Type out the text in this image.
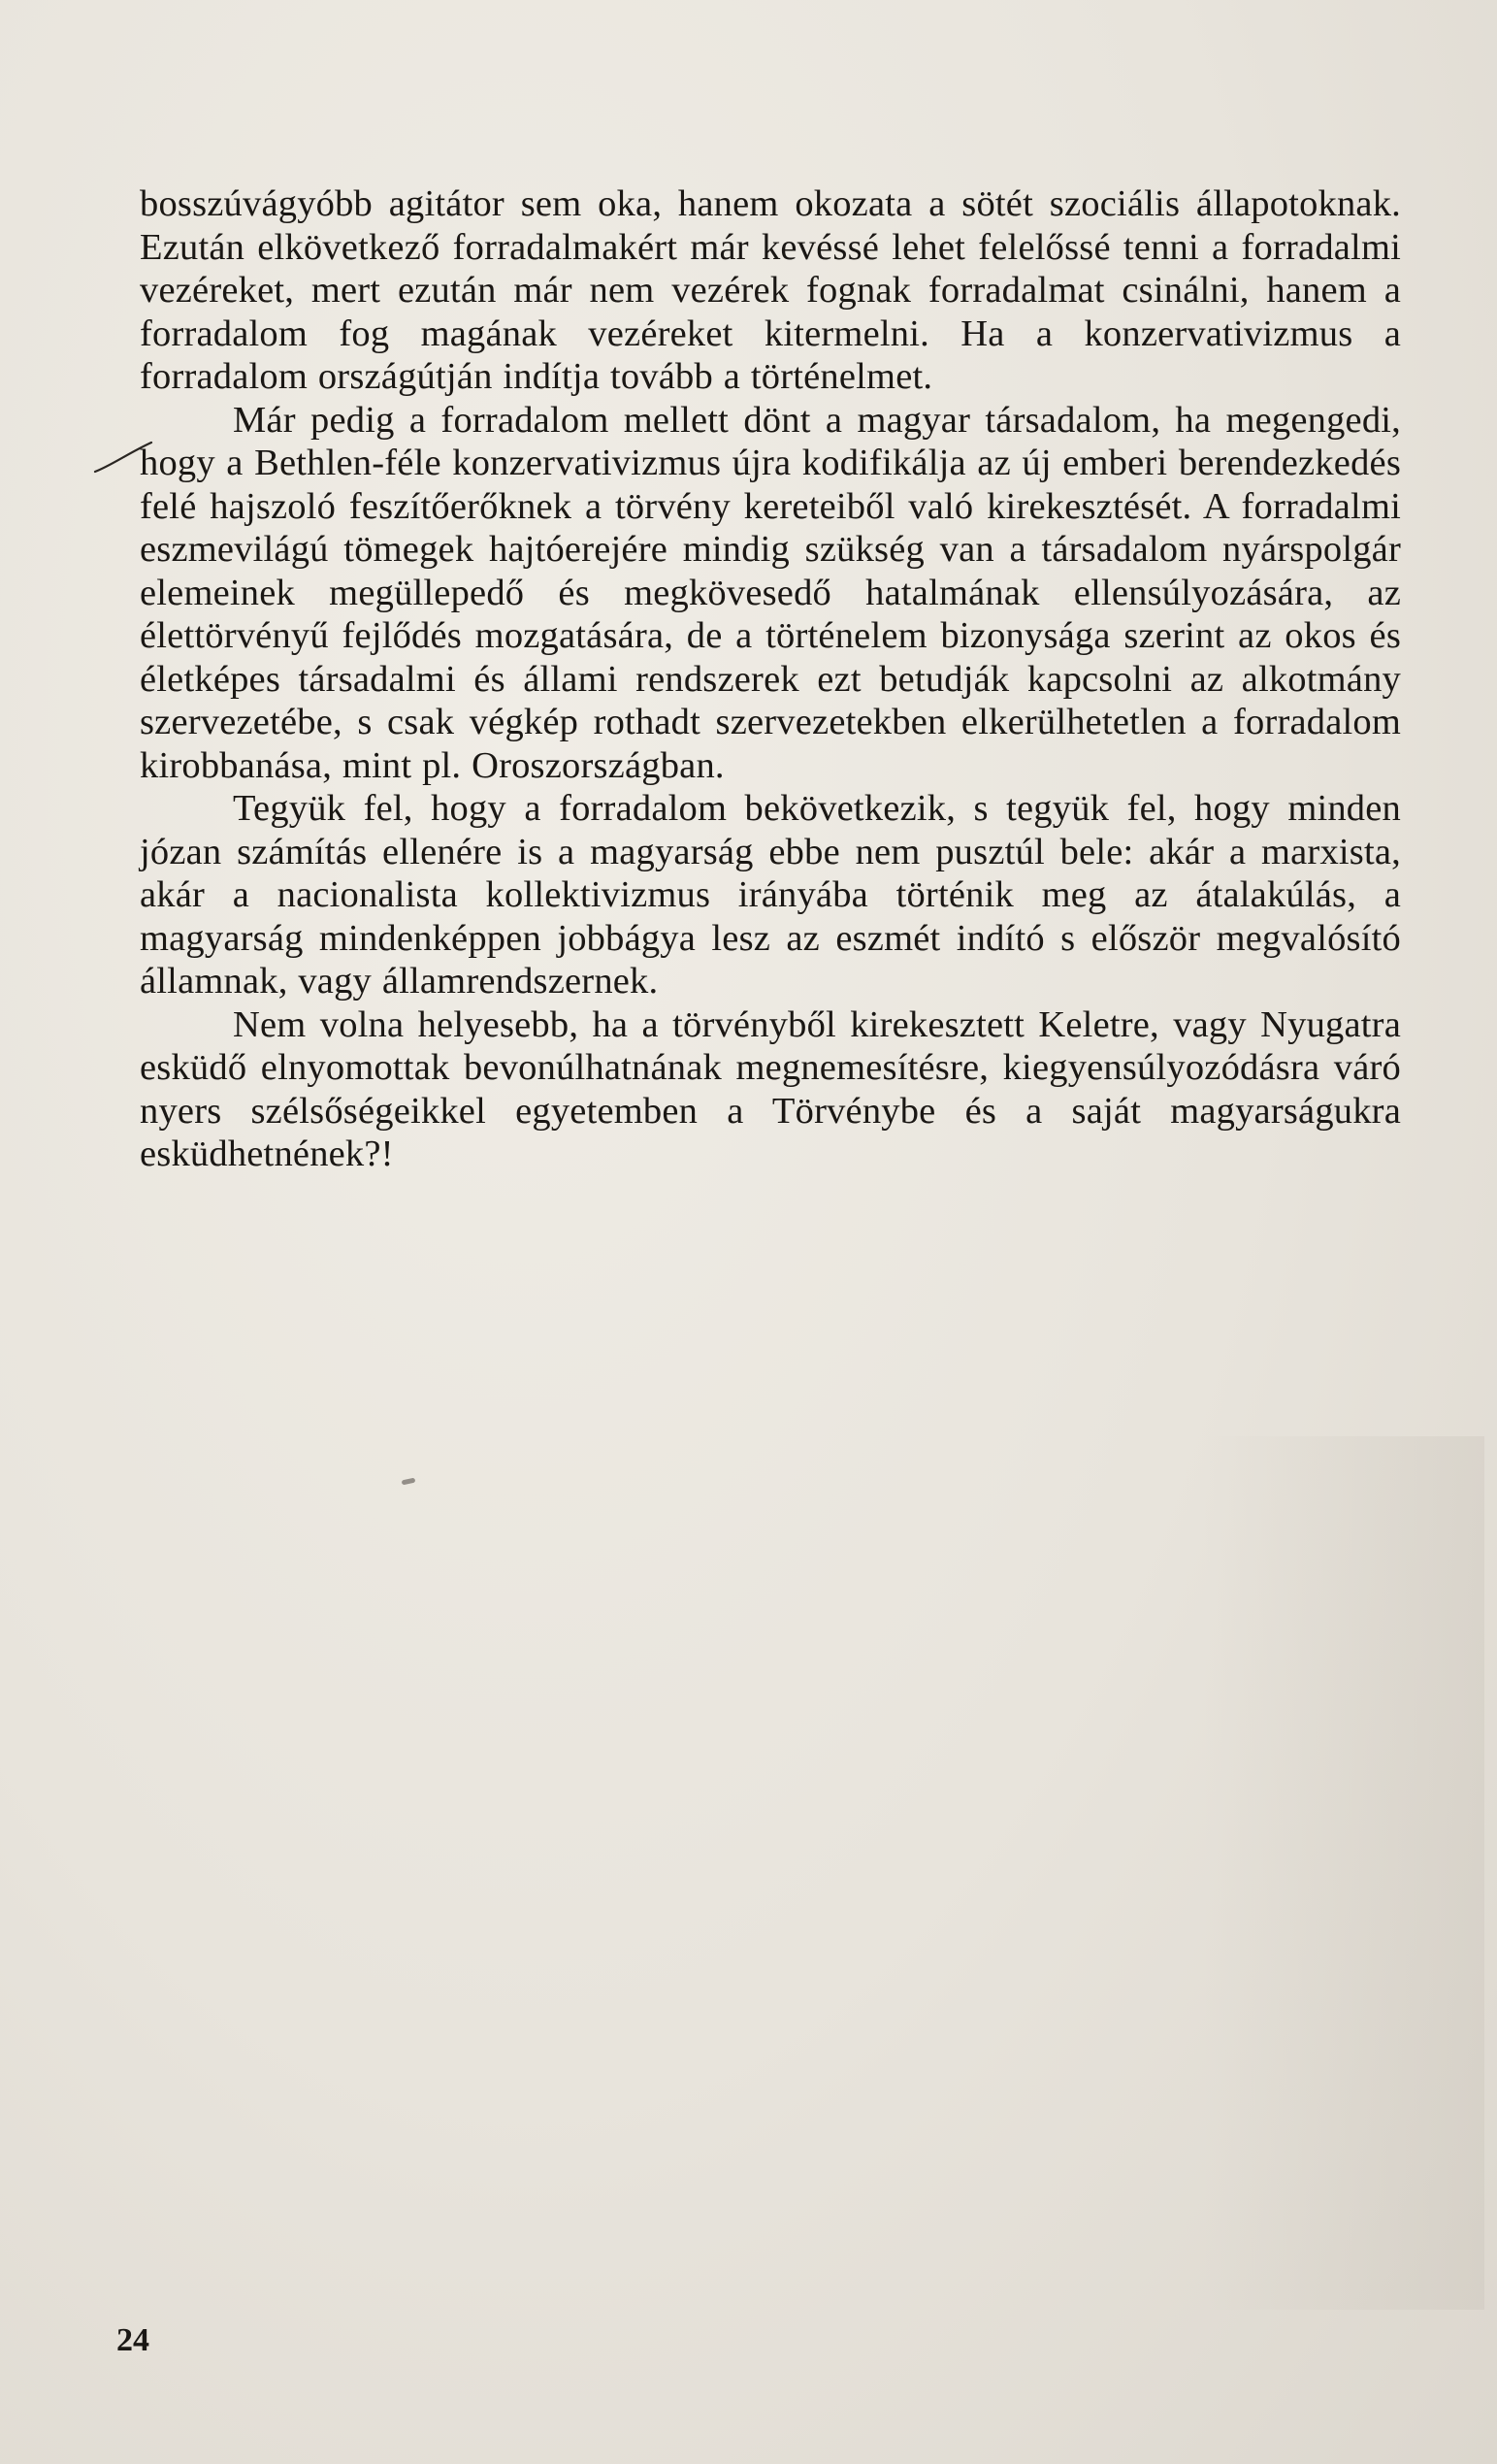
bosszúvágyóbb agitátor sem oka, hanem okozata a sötét szociális állapotoknak. Ezután elkövetkező forradalmakért már kevéssé lehet felelőssé tenni a forradalmi vezéreket, mert ezután már nem vezérek fognak forradalmat csinálni, hanem a forradalom fog magának vezéreket kitermelni. Ha a konzervativizmus a forradalom országútján indítja tovább a történelmet.

Már pedig a forradalom mellett dönt a magyar társadalom, ha megengedi, hogy a Bethlen-féle konzervativizmus újra kodifikálja az új emberi berendezkedés felé hajszoló feszítőerőknek a törvény kereteiből való kirekesztését. A forradalmi eszmevilágú tömegek hajtóerejére mindig szükség van a társadalom nyárspolgár elemeinek megüllepedő és megkövesedő hatalmának ellensúlyozására, az élettörvényű fejlődés mozgatására, de a történelem bizonysága szerint az okos és életképes társadalmi és állami rendszerek ezt betudják kapcsolni az alkotmány szervezetébe, s csak végkép rothadt szervezetekben elkerülhetetlen a forradalom kirobbanása, mint pl. Oroszországban.

Tegyük fel, hogy a forradalom bekövetkezik, s tegyük fel, hogy minden józan számítás ellenére is a magyarság ebbe nem pusztúl bele: akár a marxista, akár a nacionalista kollektivizmus irányába történik meg az átalakúlás, a magyarság mindenképpen jobbágya lesz az eszmét indító s először megvalósító államnak, vagy államrendszernek.

Nem volna helyesebb, ha a törvényből kirekesztett Keletre, vagy Nyugatra esküdő elnyomottak bevonúlhatnának megnemesítésre, kiegyensúlyozódásra váró nyers szélsőségeikkel egyetemben a Törvénybe és a saját magyarságukra esküdhetnének?!

24
